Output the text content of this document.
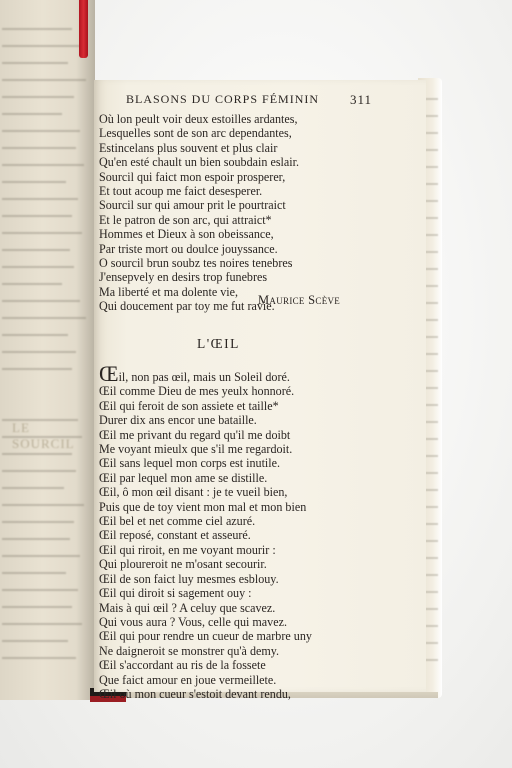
LE SOURCIL
BLASONS DU CORPS FÉMININ 311
Où lon peult voir deux estoilles ardantes,
Lesquelles sont de son arc dependantes,
Estincelans plus souvent et plus clair
Qu'en esté chault un bien soubdain eslair.
Sourcil qui faict mon espoir prosperer,
Et tout acoup me faict desesperer.
Sourcil sur qui amour prit le pourtraict
Et le patron de son arc, qui attraict*
Hommes et Dieux à son obeissance,
Par triste mort ou doulce jouyssance.
O sourcil brun soubz tes noires tenebres
J'ensepvely en desirs trop funebres
Ma liberté et ma dolente vie,
Qui doucement par toy me fut ravie.
Maurice Scève
L'ŒIL
Œil, non pas œil, mais un Soleil doré.
Œil comme Dieu de mes yeulx honnoré.
Œil qui feroit de son assiete et taille*
Durer dix ans encor une bataille.
Œil me privant du regard qu'il me doibt
Me voyant mieulx que s'il me regardoit.
Œil sans lequel mon corps est inutile.
Œil par lequel mon ame se distille.
Œil, ô mon œil disant : je te vueil bien,
Puis que de toy vient mon mal et mon bien
Œil bel et net comme ciel azuré.
Œil reposé, constant et asseuré.
Œil qui riroit, en me voyant mourir :
Qui ploureroit ne m'osant secourir.
Œil de son faict luy mesmes esblouy.
Œil qui diroit si sagement ouy :
Mais à qui œil ? A celuy que scavez.
Qui vous aura ? Vous, celle qui mavez.
Œil qui pour rendre un cueur de marbre uny
Ne daigneroit se monstrer qu'à demy.
Œil s'accordant au ris de la fossete
Que faict amour en joue vermeillete.
Œil où mon cueur s'estoit devant rendu,
